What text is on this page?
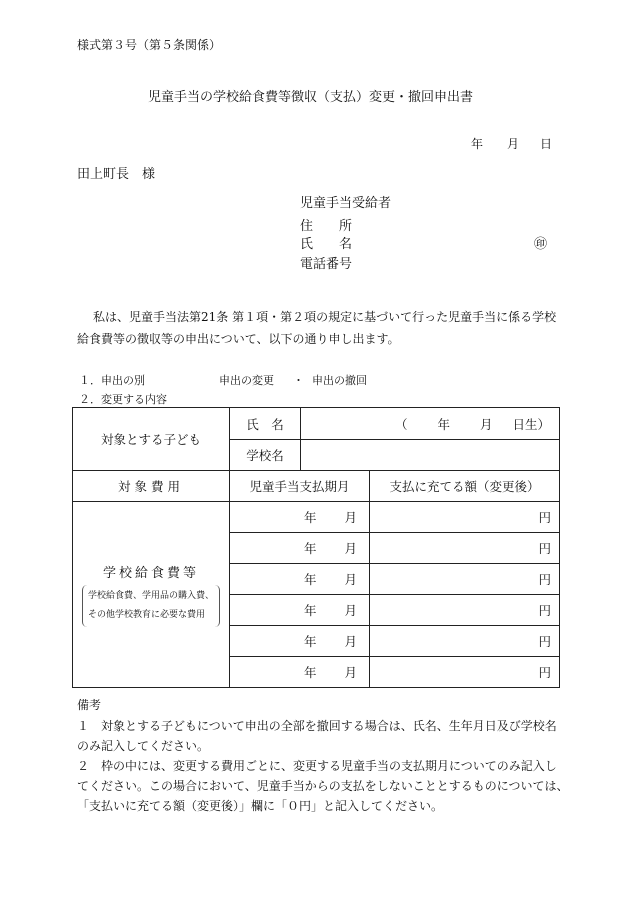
様式第３号（第５条関係）
児童手当の学校給食費等徴収（支払）変更・撤回申出書
年 月 日
田上町長　様
児童手当受給者
住　　所
氏　　名	㊞
電話番号
私は、児童手当法第21条 第１項・第２項の規定に基づいて行った児童手当に係る学校
給食費等の徴収等の申出について、以下の通り申し出ます。
１．申出の別	申出の変更 ・ 申出の撤回
２．変更する内容
対象とする子ども	氏　名	（ 年 月 日生）	
	学校名		
対象費用	児童手当支払期月		支払に充てる額（変更後）

学校給食費等
学校給食費、学用品の購入費、
その他学校教育に必要な費用	年 月		円
	年 月		円
	年 月		円
	年 月		円
	年 月		円
	年 月		円
備考
１　対象とする子どもについて申出の全部を撤回する場合は、氏名、生年月日及び学校名
のみ記入してください。
２　枠の中には、変更する費用ごとに、変更する児童手当の支払期月についてのみ記入し
てください。この場合において、児童手当からの支払をしないこととするものについては、
「支払いに充てる額（変更後）」欄に「０円」と記入してください。
